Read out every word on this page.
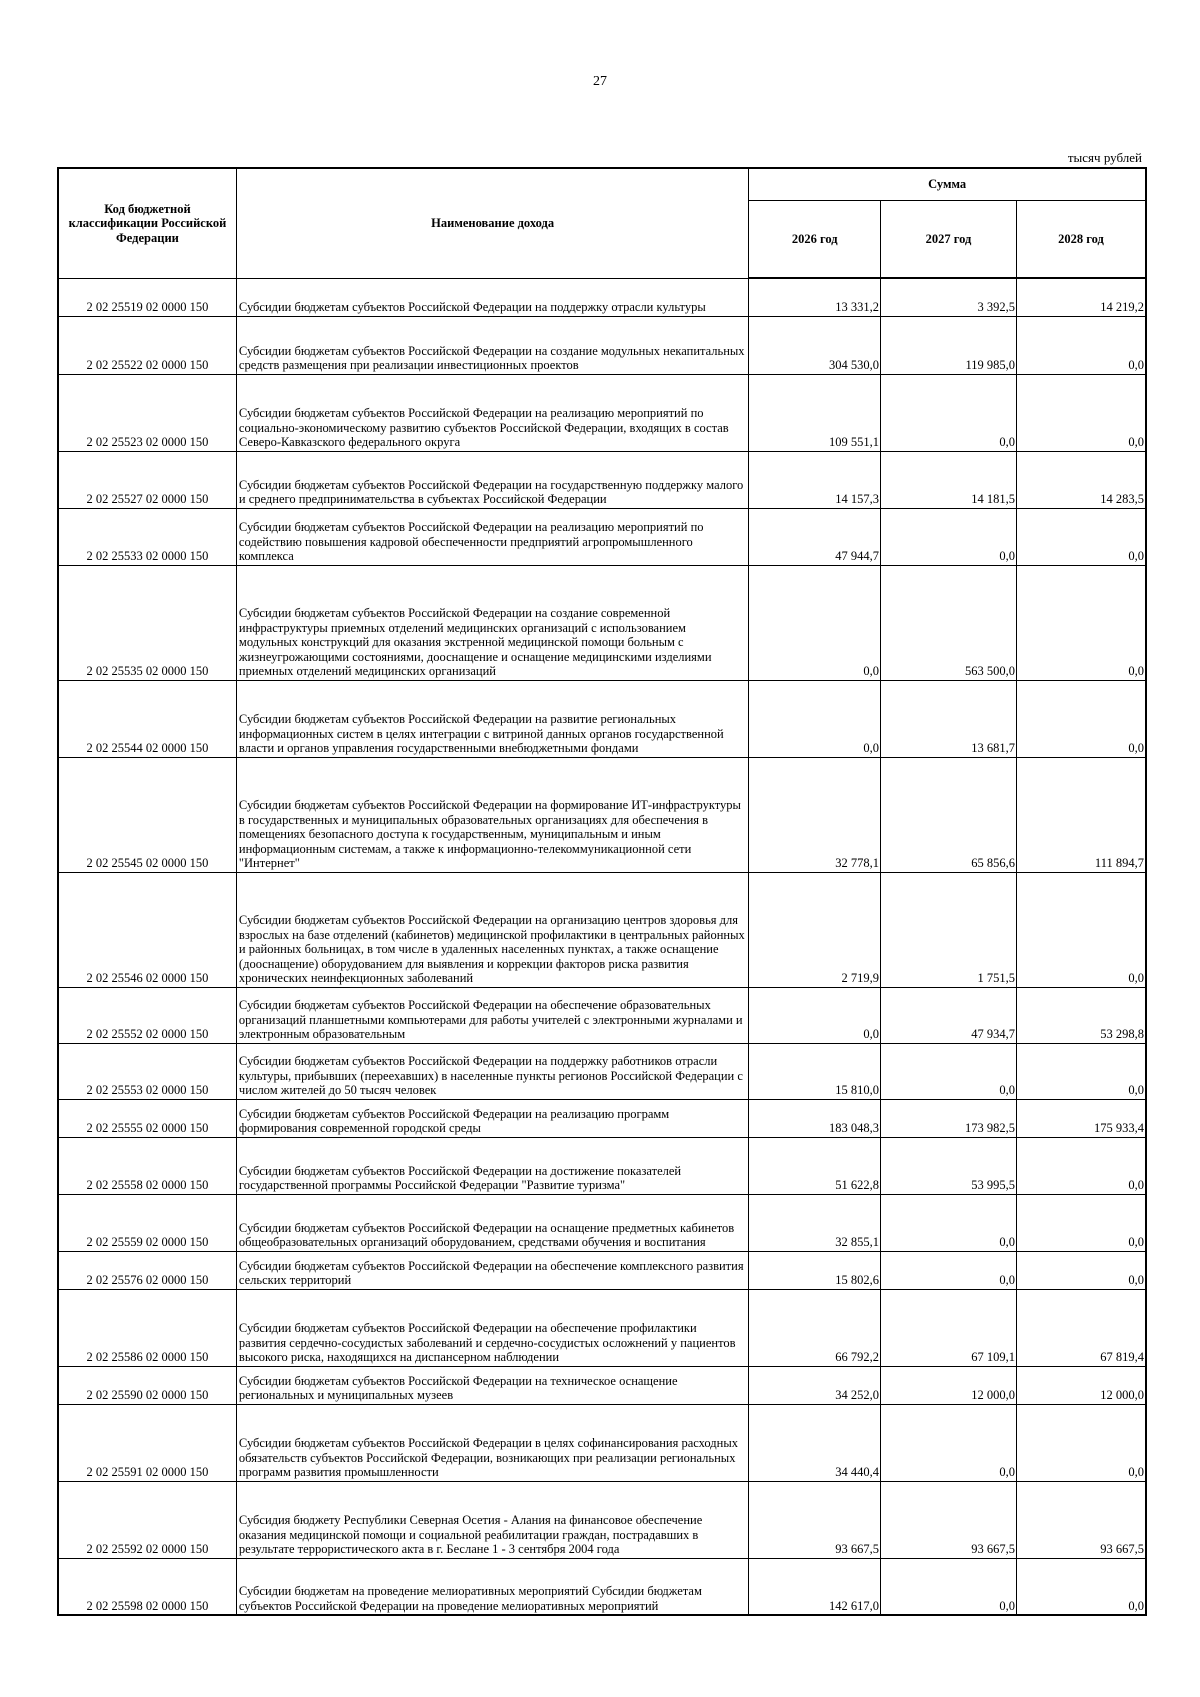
27
тысяч рублей
Код бюджетной классификации Российской Федерации	Наименование дохода	Сумма		
		2026 год	2027 год	2028 год
2 02 25519 02 0000 150	Субсидии бюджетам субъектов Российской Федерации на поддержку отрасли культуры	13 331,2	3 392,5	14 219,2
2 02 25522 02 0000 150	Субсидии бюджетам субъектов Российской Федерации на создание модульных некапитальных средств размещения при реализации инвестиционных проектов	304 530,0	119 985,0	0,0
2 02 25523 02 0000 150	Субсидии бюджетам субъектов Российской Федерации на реализацию мероприятий по социально-экономическому развитию субъектов Российской Федерации, входящих в состав Северо-Кавказского федерального округа	109 551,1	0,0	0,0
2 02 25527 02 0000 150	Субсидии бюджетам субъектов Российской Федерации на государственную поддержку малого и среднего предпринимательства в субъектах Российской Федерации	14 157,3	14 181,5	14 283,5
2 02 25533 02 0000 150	Субсидии бюджетам субъектов Российской Федерации на реализацию мероприятий по содействию повышения кадровой обеспеченности предприятий агропромышленного комплекса	47 944,7	0,0	0,0
2 02 25535 02 0000 150	Субсидии бюджетам субъектов Российской Федерации на создание современной инфраструктуры приемных отделений медицинских организаций с использованием модульных конструкций для оказания экстренной медицинской помощи больным с жизнеугрожающими состояниями, дооснащение и оснащение медицинскими изделиями приемных отделений медицинских организаций	0,0	563 500,0	0,0
2 02 25544 02 0000 150	Субсидии бюджетам субъектов Российской Федерации на развитие региональных информационных систем в целях интеграции с витриной данных органов государственной власти и органов управления государственными внебюджетными фондами	0,0	13 681,7	0,0
2 02 25545 02 0000 150	Субсидии бюджетам субъектов Российской Федерации на формирование ИТ-инфраструктуры в государственных и муниципальных образовательных организациях для обеспечения в помещениях безопасного доступа к государственным, муниципальным и иным информационным системам, а также к информационно-телекоммуникационной сети "Интернет"	32 778,1	65 856,6	111 894,7
2 02 25546 02 0000 150	Субсидии бюджетам субъектов Российской Федерации на организацию центров здоровья для взрослых на базе отделений (кабинетов) медицинской профилактики в центральных районных и районных больницах, в том числе в удаленных населенных пунктах, а также оснащение (дооснащение) оборудованием для выявления и коррекции факторов риска развития хронических неинфекционных заболеваний	2 719,9	1 751,5	0,0
2 02 25552 02 0000 150	Субсидии бюджетам субъектов Российской Федерации на обеспечение образовательных организаций планшетными компьютерами для работы учителей с электронными журналами и электронным образовательным	0,0	47 934,7	53 298,8
2 02 25553 02 0000 150	Субсидии бюджетам субъектов Российской Федерации на поддержку работников отрасли культуры, прибывших (переехавших) в населенные пункты регионов Российской Федерации с числом жителей до 50 тысяч человек	15 810,0	0,0	0,0
2 02 25555 02 0000 150	Субсидии бюджетам субъектов Российской Федерации на реализацию программ формирования современной городской среды	183 048,3	173 982,5	175 933,4
2 02 25558 02 0000 150	Субсидии бюджетам субъектов Российской Федерации на достижение показателей государственной программы Российской Федерации "Развитие туризма"	51 622,8	53 995,5	0,0
2 02 25559 02 0000 150	Субсидии бюджетам субъектов Российской Федерации на оснащение предметных кабинетов общеобразовательных организаций оборудованием, средствами обучения и воспитания	32 855,1	0,0	0,0
2 02 25576 02 0000 150	Субсидии бюджетам субъектов Российской Федерации на обеспечение комплексного развития сельских территорий	15 802,6	0,0	0,0
2 02 25586 02 0000 150	Субсидии бюджетам субъектов Российской Федерации на обеспечение профилактики развития сердечно-сосудистых заболеваний и сердечно-сосудистых осложнений у пациентов высокого риска, находящихся на диспансерном наблюдении	66 792,2	67 109,1	67 819,4
2 02 25590 02 0000 150	Субсидии бюджетам субъектов Российской Федерации на техническое оснащение региональных и муниципальных музеев	34 252,0	12 000,0	12 000,0
2 02 25591 02 0000 150	Субсидии бюджетам субъектов Российской Федерации в целях софинансирования расходных обязательств субъектов Российской Федерации, возникающих при реализации региональных программ развития промышленности	34 440,4	0,0	0,0
2 02 25592 02 0000 150	Субсидия бюджету Республики Северная Осетия - Алания на финансовое обеспечение оказания медицинской помощи и социальной реабилитации граждан, пострадавших в результате террористического акта в г. Беслане 1 - 3 сентября 2004 года	93 667,5	93 667,5	93 667,5
2 02 25598 02 0000 150	Субсидии бюджетам на проведение мелиоративных мероприятий Субсидии бюджетам субъектов Российской Федерации на проведение мелиоративных мероприятий	142 617,0	0,0	0,0
